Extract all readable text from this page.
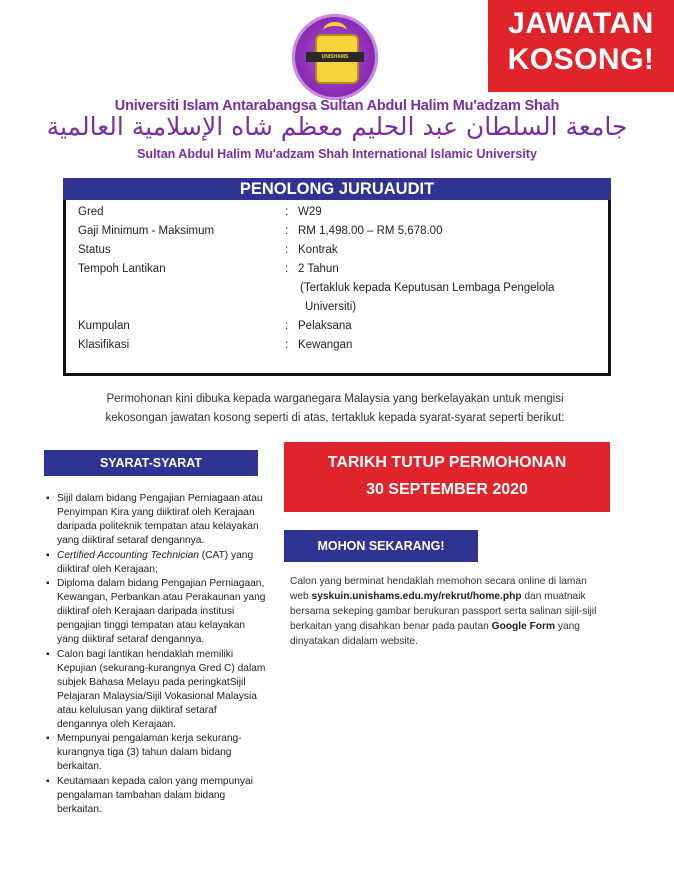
UNISHAMS
JAWATAN
KOSONG!
Universiti Islam Antarabangsa Sultan Abdul Halim Mu'adzam Shah
جامعة السلطان عبد الحليم معظم شاه الإسلامية العالمية
Sultan Abdul Halim Mu'adzam Shah International Islamic University
PENOLONG JURUAUDIT
Gred	: W29
Gaji Minimum - Maksimum	: RM 1,498.00 – RM 5,678.00
Status	: Kontrak
Tempoh Lantikan	: 2 Tahun
(Tertakluk kepada Keputusan Lembaga Pengelola
Universiti)
Kumpulan	: Pelaksana
Klasifikasi	: Kewangan
Permohonan kini dibuka kepada warganegara Malaysia yang berkelayakan untuk mengisi
kekosongan jawatan kosong seperti di atas, tertakluk kepada syarat-syarat seperti berikut:
SYARAT-SYARAT
▪ Sijil dalam bidang Pengajian Perniagaan atau Penyimpan Kira yang diiktiraf oleh Kerajaan daripada politeknik tempatan atau kelayakan yang diiktiraf setaraf dengannya.
▪ Certified Accounting Technician (CAT) yang diiktiraf oleh Kerajaan;
▪ Diploma dalam bidang Pengajian Perniagaan, Kewangan, Perbankan atau Perakaunan yang diiktiraf oleh Kerajaan daripada institusi pengajian tinggi tempatan atau kelayakan yang diiktiraf setaraf dengannya.
▪ Calon bagi lantikan hendaklah memiliki Kepujian (sekurang-kurangnya Gred C) dalam subjek Bahasa Melayu pada peringkatSijil Pelajaran Malaysia/Sijil Vokasional Malaysia atau kelulusan yang diiktiraf setaraf dengannya oleh Kerajaan.
▪ Mempunyai pengalaman kerja sekurang-kurangnya tiga (3) tahun dalam bidang berkaitan.
▪ Keutamaan kepada calon yang mempunyai pengalaman tambahan dalam bidang berkaitan.
TARIKH TUTUP PERMOHONAN
30 SEPTEMBER 2020
MOHON SEKARANG!
Calon yang berminat hendaklah memohon secara online di laman web syskuin.unishams.edu.my/rekrut/home.php dan muatnaik bersama sekeping gambar berukuran passport serta salinan sijil-sijil berkaitan yang disahkan benar pada pautan Google Form yang dinyatakan didalam website.
